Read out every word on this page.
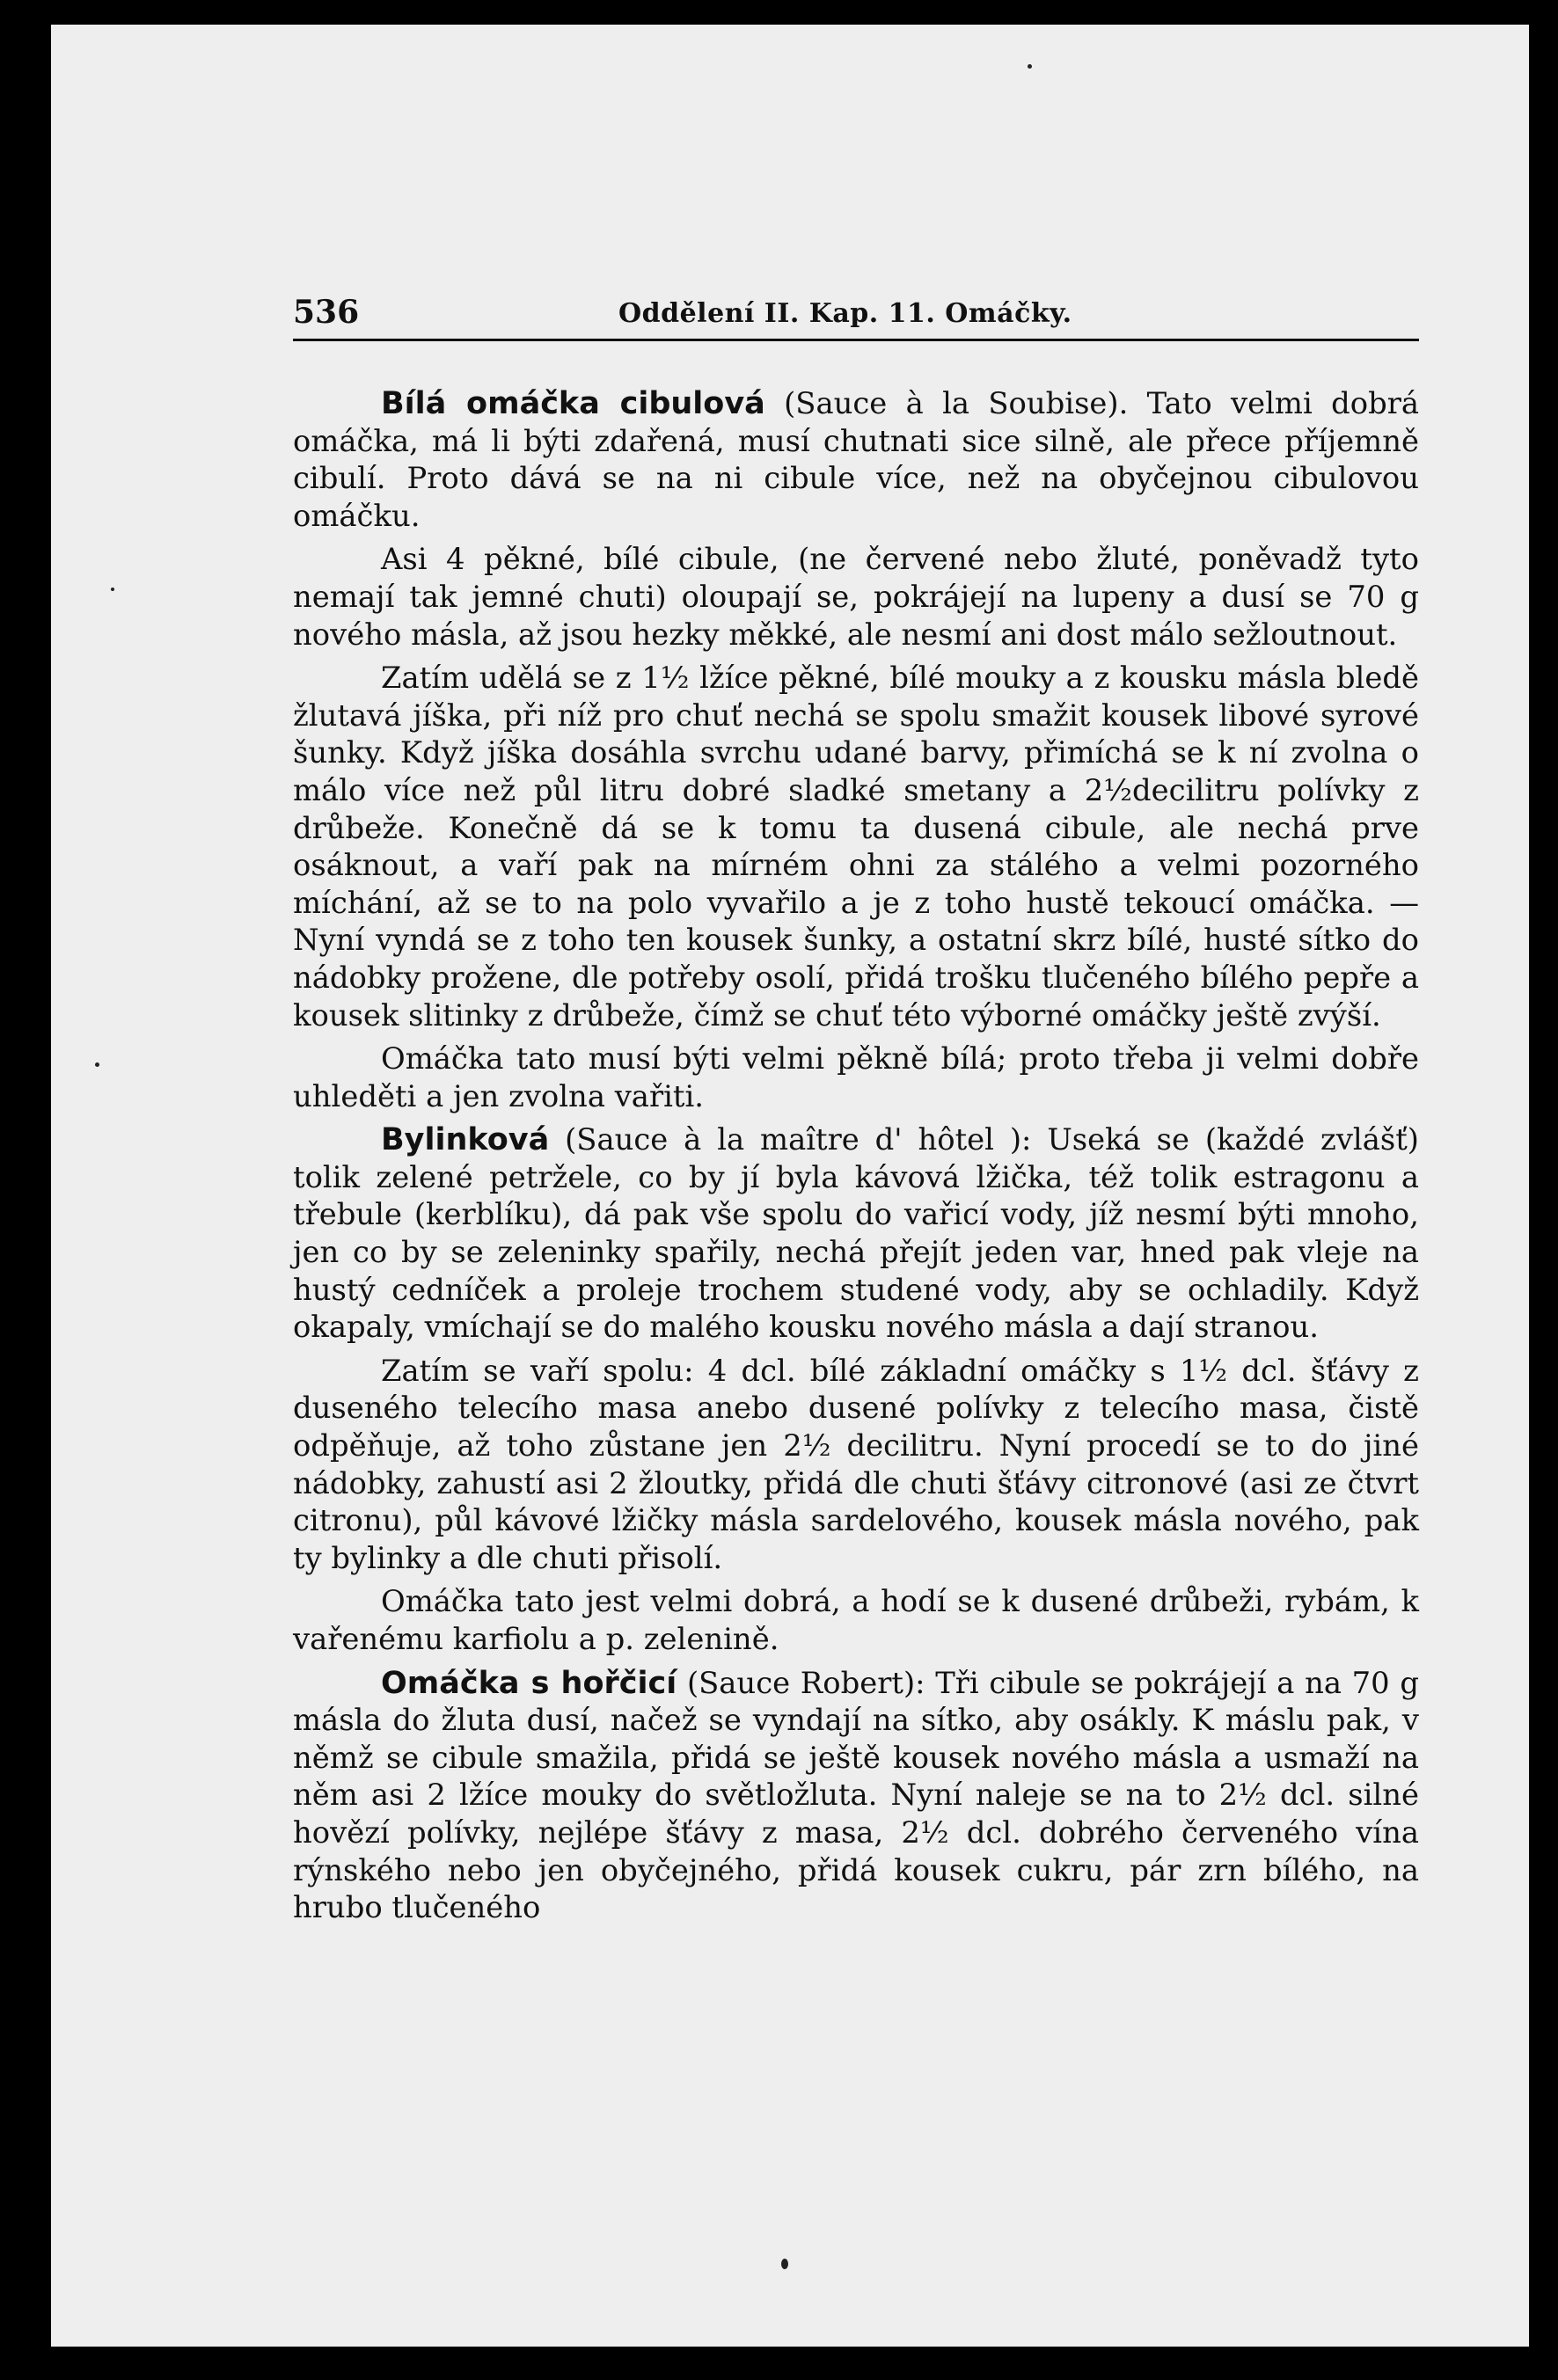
536	Oddělení II. Kap. 11. Omáčky.

Bílá omáčka cibulová (Sauce à la Soubise). Tato velmi dobrá omáčka, má li býti zdařená, musí chutnati sice silně, ale přece příjemně cibulí. Proto dává se na ni cibule více, než na obyčejnou cibulovou omáčku.

Asi 4 pěkné, bílé cibule, (ne červené nebo žluté, poněvadž tyto nemají tak jemné chuti) oloupají se, pokrájejí na lupeny a dusí se 70 g nového másla, až jsou hezky měkké, ale nesmí ani dost málo sežloutnout.

Zatím udělá se z 1½ lžíce pěkné, bílé mouky a z kousku másla bledě žlutavá jíška, při níž pro chuť nechá se spolu smažit kousek libové syrové šunky. Když jíška dosáhla svrchu udané barvy, přimíchá se k ní zvolna o málo více než půl litru dobré sladké smetany a 2½decilitru polívky z drůbeže. Konečně dá se k tomu ta dusená cibule, ale nechá prve osáknout, a vaří pak na mírném ohni za stálého a velmi pozorného míchání, až se to na polo vyvařilo a je z toho hustě tekoucí omáčka. — Nyní vyndá se z toho ten kousek šunky, a ostatní skrz bílé, husté sítko do nádobky prožene, dle potřeby osolí, přidá trošku tlučeného bílého pepře a kousek slitinky z drůbeže, čímž se chuť této výborné omáčky ještě zvýší.

Omáčka tato musí býti velmi pěkně bílá; proto třeba ji velmi dobře uhleděti a jen zvolna vařiti.

Bylinková (Sauce à la maître d' hôtel ): Useká se (každé zvlášť) tolik zelené petržele, co by jí byla kávová lžička, též tolik estragonu a třebule (kerblíku), dá pak vše spolu do vařicí vody, jíž nesmí býti mnoho, jen co by se zeleninky spařily, nechá přejít jeden var, hned pak vleje na hustý cedníček a proleje trochem studené vody, aby se ochladily. Když okapaly, vmíchají se do malého kousku nového másla a dají stranou.

Zatím se vaří spolu: 4 dcl. bílé základní omáčky s 1½ dcl. šťávy z duseného telecího masa anebo dusené polívky z telecího masa, čistě odpěňuje, až toho zůstane jen 2½ decilitru. Nyní procedí se to do jiné nádobky, zahustí asi 2 žloutky, přidá dle chuti šťávy citronové (asi ze čtvrt citronu), půl kávové lžičky másla sardelového, kousek másla nového, pak ty bylinky a dle chuti přisolí.

Omáčka tato jest velmi dobrá, a hodí se k dusené drůbeži, rybám, k vařenému karfiolu a p. zelenině.

Omáčka s hořčicí (Sauce Robert): Tři cibule se pokrájejí a na 70 g másla do žluta dusí, načež se vyndají na sítko, aby osákly. K máslu pak, v němž se cibule smažila, přidá se ještě kousek nového másla a usmaží na něm asi 2 lžíce mouky do světložluta. Nyní naleje se na to 2½ dcl. silné hovězí polívky, nejlépe šťávy z masa, 2½ dcl. dobrého červeného vína rýnského nebo jen obyčejného, přidá kousek cukru, pár zrn bílého, na hrubo tlučeného
